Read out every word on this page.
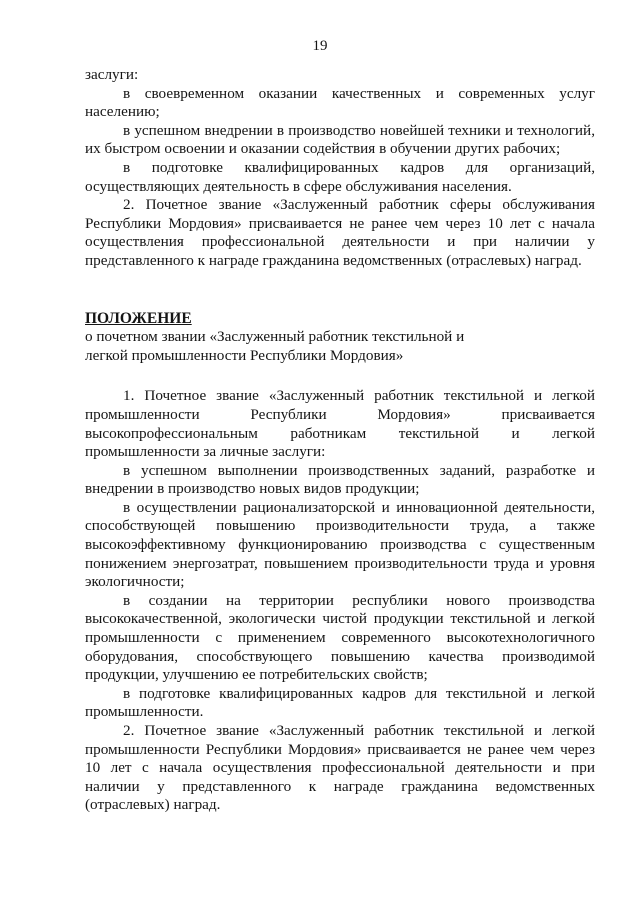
19

заслуги:

в своевременном оказании качественных и современных услуг населению;

в успешном внедрении в производство новейшей техники и технологий, их быстром освоении и оказании содействия в обучении других рабочих;

в подготовке квалифицированных кадров для организаций, осуществляющих деятельность в сфере обслуживания населения.

2. Почетное звание «Заслуженный работник сферы обслуживания Республики Мордовия» присваивается не ранее чем через 10 лет с начала осуществления профессиональной деятельности и при наличии у представленного к награде гражданина ведомственных (отраслевых) наград.

ПОЛОЖЕНИЕ

о почетном звании «Заслуженный работник текстильной и

легкой промышленности Республики Мордовия»

1. Почетное звание «Заслуженный работник текстильной и легкой промышленности Республики Мордовия» присваивается высокопрофессиональным работникам текстильной и легкой промышленности за личные заслуги:

в успешном выполнении производственных заданий, разработке и внедрении в производство новых видов продукции;

в осуществлении рационализаторской и инновационной деятельности, способствующей повышению производительности труда, а также высокоэффективному функционированию производства с существенным понижением энергозатрат, повышением производительности труда и уровня экологичности;

в создании на территории республики нового производства высококачественной, экологически чистой продукции текстильной и легкой промышленности с применением современного высокотехнологичного оборудования, способствующего повышению качества производимой продукции, улучшению ее потребительских свойств;

в подготовке квалифицированных кадров для текстильной и легкой промышленности.

2. Почетное звание «Заслуженный работник текстильной и легкой промышленности Республики Мордовия» присваивается не ранее чем через 10 лет с начала осуществления профессиональной деятельности и при наличии у представленного к награде гражданина ведомственных (отраслевых) наград.
